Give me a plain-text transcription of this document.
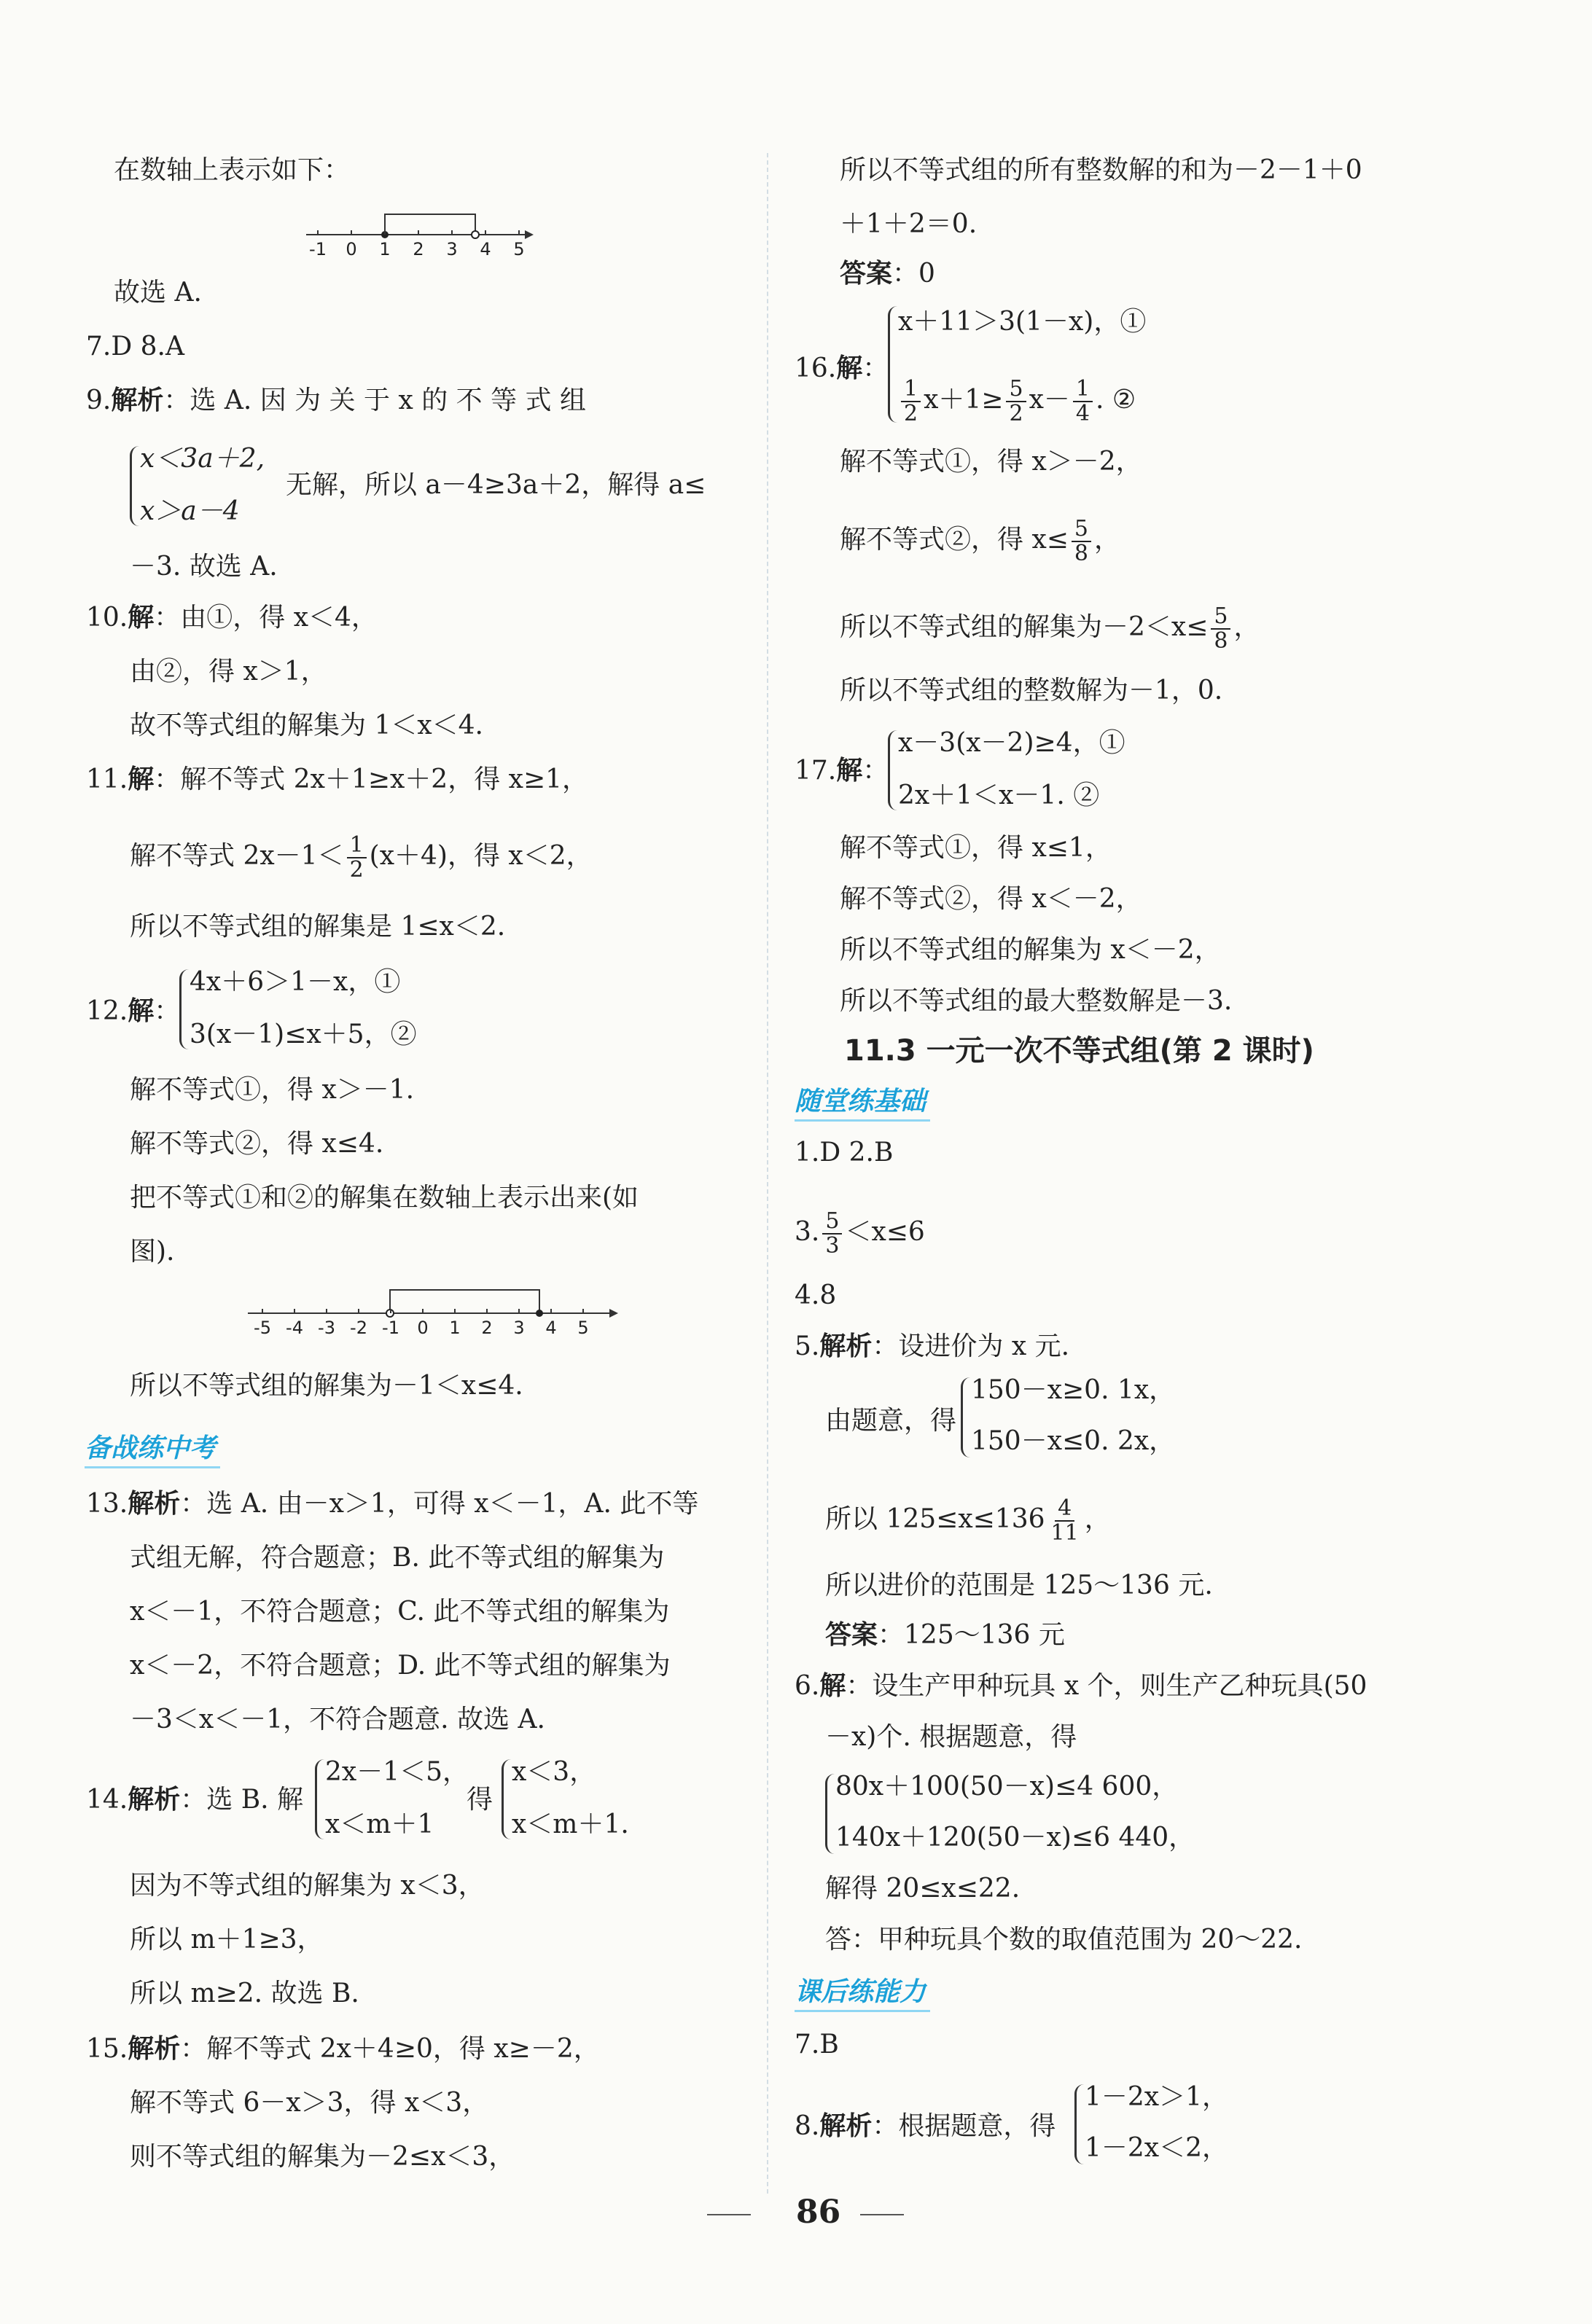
在数轴上表示如下：
-1 0 1 2 3 4 5
故选 A.
7.D 8.A
9.解析：选 A. 因 为 关 于 x 的 不 等 式 组
x＜3a＋2,
x＞a－4
无解，所以 a－4≥3a＋2，解得 a≤
－3. 故选 A.
10.解：由①，得 x＜4，
由②，得 x＞1，
故不等式组的解集为 1＜x＜4.
11.解：解不等式 2x＋1≥x＋2，得 x≥1，
解不等式 $2x-1< \frac{1}{2} (x+4)$，得 x＜2，
所以不等式组的解集是 1≤x＜2.
12.解：
4x＋6＞1－x，①
3(x－1)≤x＋5，②
解不等式①，得 x＞－1.
解不等式②，得 x≤4.
把不等式①和②的解集在数轴上表示出来(如
图).
-5 -4 -3 -2 -1 0 1 2 3 4 5
所以不等式组的解集为－1＜x≤4.
备战练中考
13.解析：选 A. 由－x＞1，可得 x＜－1，A. 此不等
式组无解，符合题意；B. 此不等式组的解集为
x＜－1，不符合题意；C. 此不等式组的解集为
x＜－2，不符合题意；D. 此不等式组的解集为
－3＜x＜－1，不符合题意. 故选 A.
14.解析：选 B. 解
2x－1＜5，
x＜m＋1
得
x＜3，
x＜m＋1.
因为不等式组的解集为 x＜3，
所以 m＋1≥3，
所以 m≥2. 故选 B.
15.解析：解不等式 2x＋4≥0，得 x≥－2，
解不等式 6－x＞3，得 x＜3，
则不等式组的解集为－2≤x＜3，
所以不等式组的所有整数解的和为－2－1＋0
＋1＋2＝0.
答案：0
16.解：
x＋11＞3(1－x)，①
$\frac{1}{2} x+1\ge \frac{5}{2} x- \frac{1}{4}$ . ②
解不等式①，得 x＞－2，
解不等式②，得 $x\le \frac{5}{8}$ ，
所以不等式组的解集为$-2<x\le \frac{5}{8}$ ，
所以不等式组的整数解为－1，0.
17.解：
x－3(x－2)≥4，①
2x＋1＜x－1. ②
解不等式①，得 x≤1，
解不等式②，得 x＜－2，
所以不等式组的解集为 x＜－2，
所以不等式组的最大整数解是－3.
11.3 一元一次不等式组(第 2 课时)
随堂练基础
1.D 2.B
3. $\frac{5}{3} <x\le 6$
4.8
5.解析：设进价为 x 元.
由题意，得
150－x≥0. 1x，
150－x≤0. 2x，
所以 $125\le x\le 136 \frac{4}{11}$ ，
所以进价的范围是 125～136 元.
答案：125～136 元
6.解：设生产甲种玩具 x 个，则生产乙种玩具(50
－x)个. 根据题意，得
80x＋100(50－x)≤4 600，
140x＋120(50－x)≤6 440，
解得 20≤x≤22.
答：甲种玩具个数的取值范围为 20～22.
课后练能力
7.B
8.解析：根据题意，得
1－2x＞1，
1－2x＜2，
86
